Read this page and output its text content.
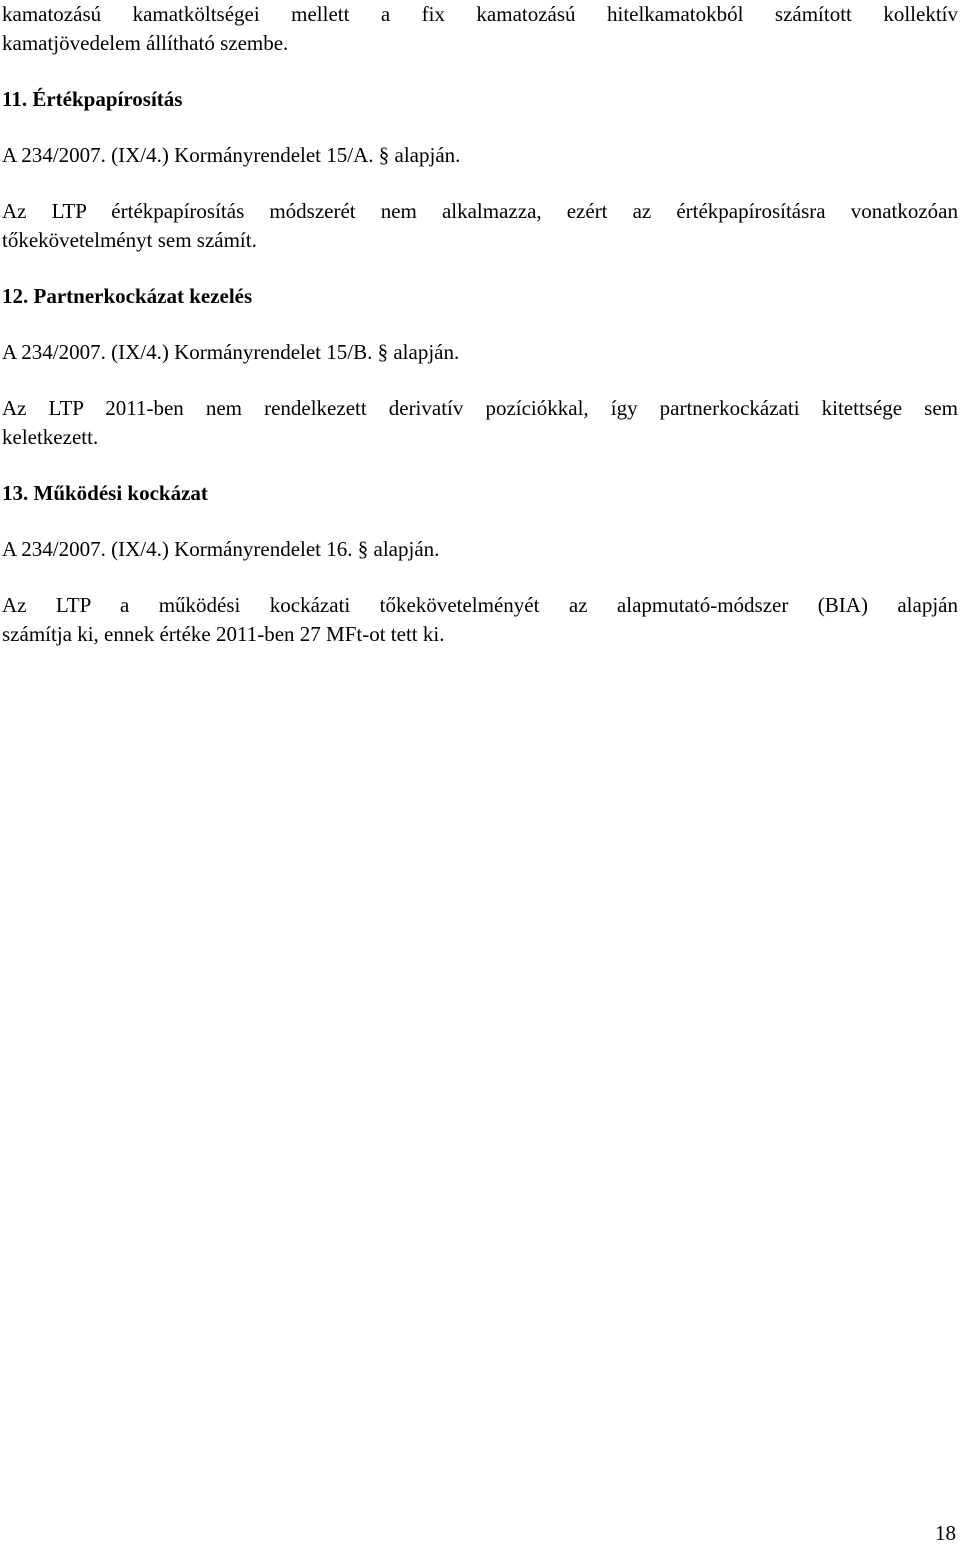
kamatozású kamatköltségei mellett a fix kamatozású hitelkamatokból számított kollektív

kamatjövedelem állítható szembe.

11. Értékpapírosítás

A 234/2007. (IX/4.) Kormányrendelet 15/A. § alapján.

Az LTP értékpapírosítás módszerét nem alkalmazza, ezért az értékpapírosításra vonatkozóan

tőkekövetelményt sem számít.

12. Partnerkockázat kezelés

A 234/2007. (IX/4.) Kormányrendelet 15/B. § alapján.

Az LTP 2011-ben nem rendelkezett derivatív pozíciókkal, így partnerkockázati kitettsége sem

keletkezett.

13. Működési kockázat

A 234/2007. (IX/4.) Kormányrendelet 16. § alapján.

Az LTP a működési kockázati tőkekövetelményét az alapmutató-módszer (BIA) alapján

számítja ki, ennek értéke 2011-ben 27 MFt-ot tett ki.

18
